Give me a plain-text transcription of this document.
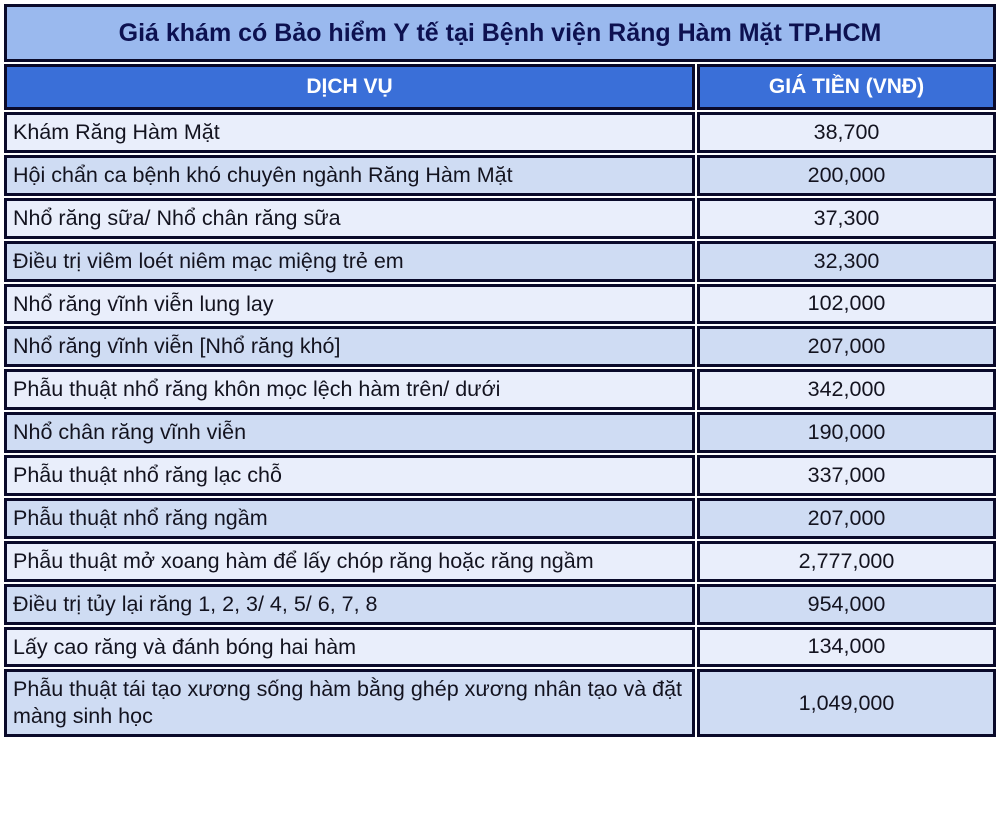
Giá khám có Bảo hiểm Y tế tại Bệnh viện Răng Hàm Mặt TP.HCM	
DỊCH VỤ	GIÁ TIỀN (VNĐ)
Khám Răng Hàm Mặt	38,700
Hội chẩn ca bệnh khó chuyên ngành Răng Hàm Mặt	200,000
Nhổ răng sữa/ Nhổ chân răng sữa	37,300
Điều trị viêm loét niêm mạc miệng trẻ em	32,300
Nhổ răng vĩnh viễn lung lay	102,000
Nhổ răng vĩnh viễn [Nhổ răng khó]	207,000
Phẫu thuật nhổ răng khôn mọc lệch hàm trên/ dưới	342,000
Nhổ chân răng vĩnh viễn	190,000
Phẫu thuật nhổ răng lạc chỗ	337,000
Phẫu thuật nhổ răng ngầm	207,000
Phẫu thuật mở xoang hàm để lấy chóp răng hoặc răng ngầm	2,777,000
Điều trị tủy lại răng 1, 2, 3/ 4, 5/ 6, 7, 8	954,000
Lấy cao răng và đánh bóng hai hàm	134,000
Phẫu thuật tái tạo xương sống hàm bằng ghép xương nhân tạo và đặt màng sinh học	1,049,000
